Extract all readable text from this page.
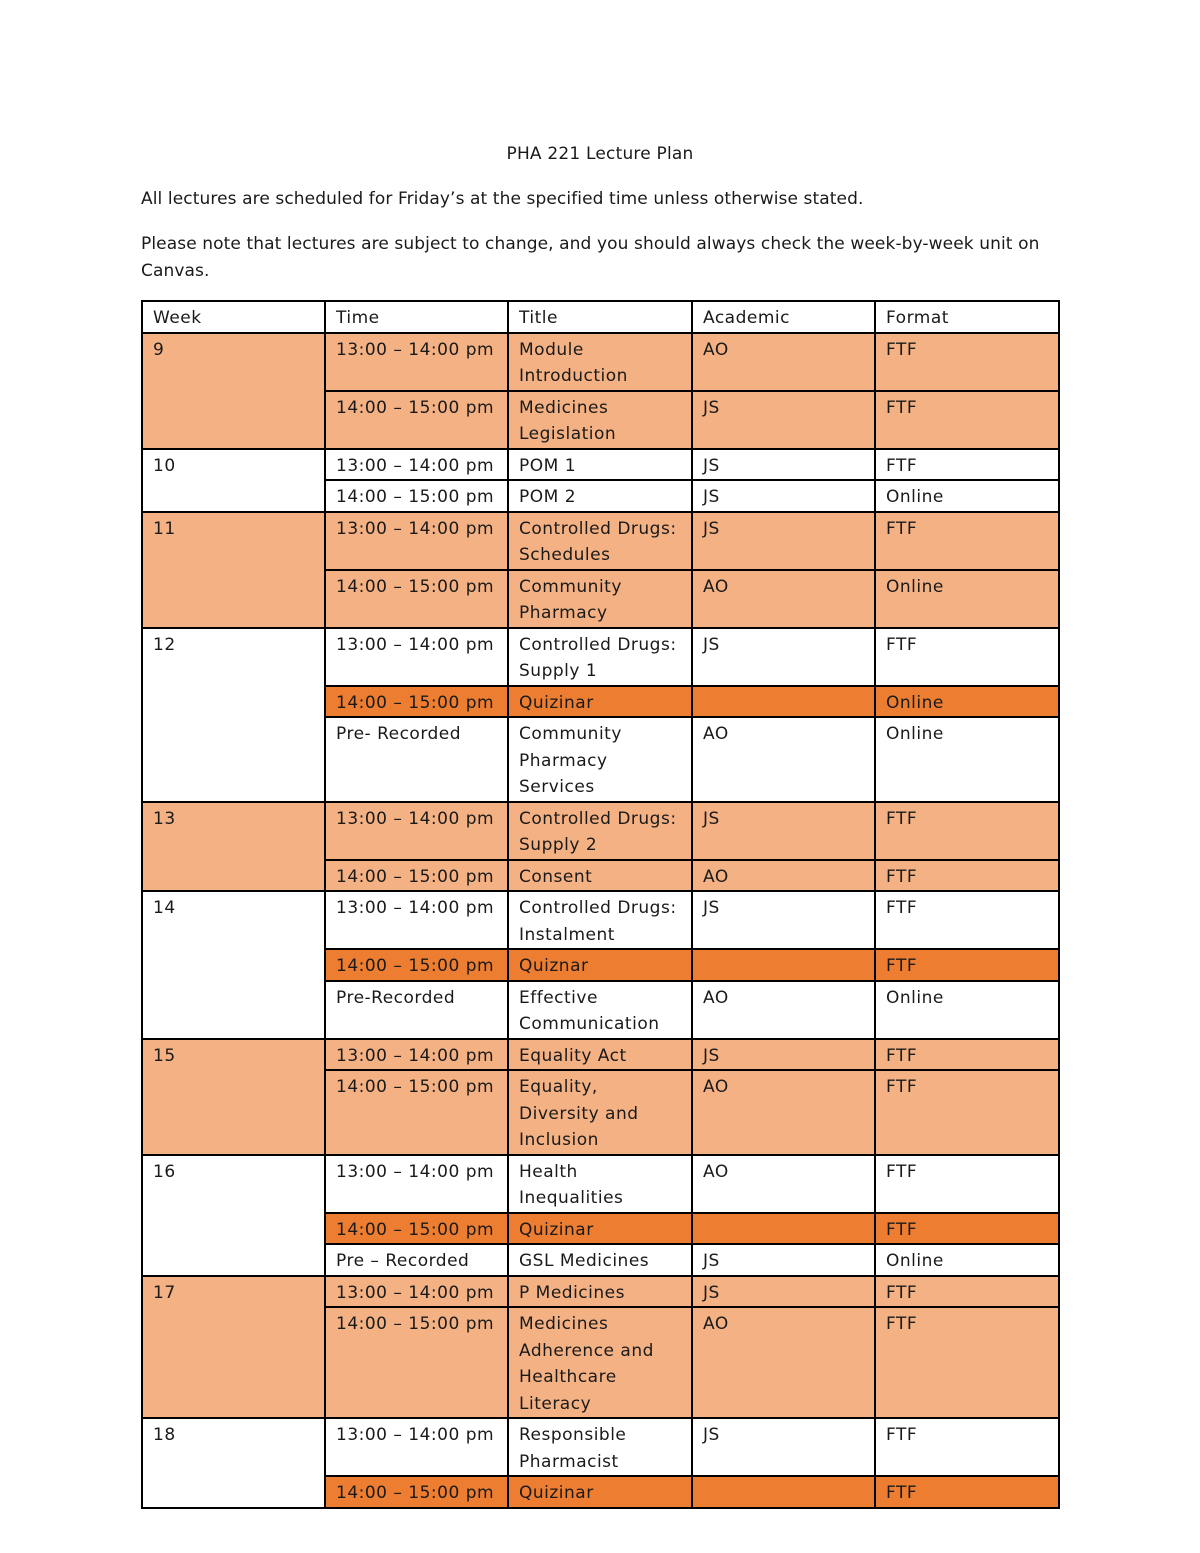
PHA 221 Lecture Plan
All lectures are scheduled for Friday’s at the specified time unless otherwise stated.
Please note that lectures are subject to change, and you should always check the week-by-week unit on Canvas.
Week	Time	Title	Academic	Format
9	13:00 – 14:00 pm	Module Introduction	AO	FTF
	14:00 – 15:00 pm	Medicines Legislation	JS	FTF
10	13:00 – 14:00 pm	POM 1	JS	FTF
	14:00 – 15:00 pm	POM 2	JS	Online
11	13:00 – 14:00 pm	Controlled Drugs: Schedules	JS	FTF
	14:00 – 15:00 pm	Community Pharmacy	AO	Online
12	13:00 – 14:00 pm	Controlled Drugs: Supply 1	JS	FTF
	14:00 – 15:00 pm	Quizinar		Online
	Pre- Recorded	Community Pharmacy Services	AO	Online
13	13:00 – 14:00 pm	Controlled Drugs: Supply 2	JS	FTF
	14:00 – 15:00 pm	Consent	AO	FTF
14	13:00 – 14:00 pm	Controlled Drugs: Instalment	JS	FTF
	14:00 – 15:00 pm	Quiznar		FTF
	Pre-Recorded	Effective Communication	AO	Online
15	13:00 – 14:00 pm	Equality Act	JS	FTF
	14:00 – 15:00 pm	Equality, Diversity and Inclusion	AO	FTF
16	13:00 – 14:00 pm	Health Inequalities	AO	FTF
	14:00 – 15:00 pm	Quizinar		FTF
	Pre – Recorded	GSL Medicines	JS	Online
17	13:00 – 14:00 pm	P Medicines	JS	FTF
	14:00 – 15:00 pm	Medicines Adherence and Healthcare Literacy	AO	FTF
18	13:00 – 14:00 pm	Responsible Pharmacist	JS	FTF
	14:00 – 15:00 pm	Quizinar		FTF
